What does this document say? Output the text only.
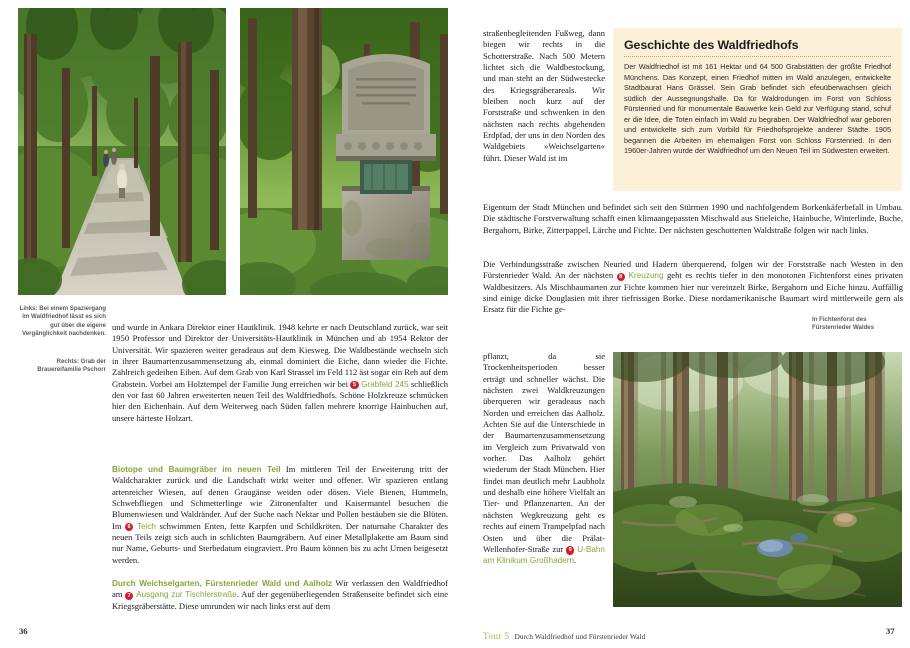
Links: Bei einem Spaziergang im Waldfriedhof lässt es sich gut über die eigene Vergänglichkeit nachdenken.
Rechts: Grab der Brauereifamilie Pschorr
und wurde in Ankara Direktor einer Hautklinik. 1948 kehrte er nach Deutschland zurück, war seit 1950 Professor und Direktor der Universitäts-Hautklinik in München und ab 1954 Rektor der Universität. Wir spazieren weiter geradeaus auf dem Kiesweg. Die Waldbestände wechseln sich in ihrer Baumartenzusammensetzung ab, einmal dominiert die Eiche, dann wieder die Fichte. Zahlreich gedeihen Eiben. Auf dem Grab von Karl Strassel im Feld 112 äst sogar ein Reh auf dem Grabstein. Vorbei am Holztempel der Familie Jung erreichen wir bei 5 Grabfeld 245 schließlich den vor fast 60 Jahren erweiterten neuen Teil des Waldfriedhofs. Schöne Holzkreuze schmücken hier den Eichenhain. Auf dem Weiterweg nach Süden fallen mehrere knorrige Hainbuchen auf, unsere härteste Holzart.
Biotope und Baumgräber im neuen Teil Im mittleren Teil der Erweiterung tritt der Waldcharakter zurück und die Landschaft wirkt weiter und offener. Wir spazieren entlang artenreicher Wiesen, auf denen Graugänse weiden oder dösen. Viele Bienen, Hummeln, Schwebfliegen und Schmetterlinge wie Zitronenfalter und Kaisermantel besuchen die Blumenwiesen und Waldränder. Auf der Suche nach Nektar und Pollen bestäuben sie die Blüten. Im 6 Teich schwimmen Enten, fette Karpfen und Schildkröten. Der naturnahe Charakter des neuen Teils zeigt sich auch in schlichten Baumgräbern. Auf einer Metallplakette am Baum sind nur Name, Geburts- und Sterbedatum eingraviert. Pro Baum können bis zu acht Urnen beigesetzt werden.
Durch Weichselgarten, Fürstenrieder Wald und Aalholz Wir verlassen den Waldfriedhof am 7 Ausgang zur Tischlerstraße. Auf der gegenüberliegenden Straßenseite befindet sich eine Kriegsgräberstätte. Diese umrunden wir nach links erst auf dem
36
straßenbegleitenden Fußweg, dann biegen wir rechts in die Schotterstraße. Nach 500 Metern lichtet sich die Waldbestockung, und man steht an der Südwestecke des Kriegsgräberareals. Wir bleiben noch kurz auf der Forststraße und schwenken in den nächsten nach rechts abgehenden Erdpfad, der uns in den Norden des Waldgebiets »Weichselgarten« führt. Dieser Wald ist im
Geschichte des Waldfriedhofs
Der Waldfriedhof ist mit 161 Hektar und 64 500 Grabstätten der größte Friedhof Münchens. Das Konzept, einen Friedhof mitten im Wald anzulegen, entwickelte Stadtbaurat Hans Grässel. Sein Grab befindet sich efeuüberwachsen gleich südlich der Aussegnungshalle. Da für Waldrodungen im Forst von Schloss Fürstenried und für monumentale Bauwerke kein Geld zur Verfügung stand, schuf er die Idee, die Toten einfach im Wald zu begraben. Der Waldfriedhof war geboren und entwickelte sich zum Vorbild für Friedhofsprojekte anderer Städte. 1905 begannen die Arbeiten im ehemaligen Forst von Schloss Fürstenried. In den 1960er-Jahren wurde der Waldfriedhof um den Neuen Teil im Südwesten erweitert.
Eigentum der Stadt München und befindet sich seit den Stürmen 1990 und nachfolgendem Borkenkäferbefall in Umbau. Die städtische Forstverwaltung schafft einen klimaangepassten Mischwald aus Stieleiche, Hainbuche, Winterlinde, Buche, Bergahorn, Birke, Zitterpappel, Lärche und Fichte. Der nächsten geschotterten Waldstraße folgen wir nach links.
Die Verbindungsstraße zwischen Neuried und Hadern überquerend, folgen wir der Forststraße nach Westen in den Fürstenrieder Wald. An der nächsten 8 Kreuzung geht es rechts tiefer in den monotonen Fichtenforst eines privaten Waldbesitzers. Als Mischbaumarten zur Fichte kommen hier nur vereinzelt Birke, Bergahorn und Eiche hinzu. Auffällig sind einige dicke Douglasien mit ihrer tiefrissigen Borke. Diese nordamerikanische Baumart wird mittlerweile gern als Ersatz für die Fichte ge-
pflanzt, da sie Trockenheitsperioden besser erträgt und schneller wächst. Die nächsten zwei Waldkreuzungen überqueren wir geradeaus nach Norden und erreichen das Aalholz. Achten Sie auf die Unterschiede in der Baumartenzusammensetzung im Vergleich zum Privatwald von vorher. Das Aalholz gehört wiederum der Stadt München. Hier findet man deutlich mehr Laubholz und deshalb eine höhere Vielfalt an Tier- und Pflanzenarten. An der nächsten Wegkreuzung geht es rechts auf einem Trampelpfad nach Osten und über die Prälat-Wellenhofer-Straße zur 9 U-Bahn am Klinikum Großhadern.
In Fichtenforst des Fürstenrieder Waldes
Tour 5 Durch Waldfriedhof und Fürstenrieder Wald
37
